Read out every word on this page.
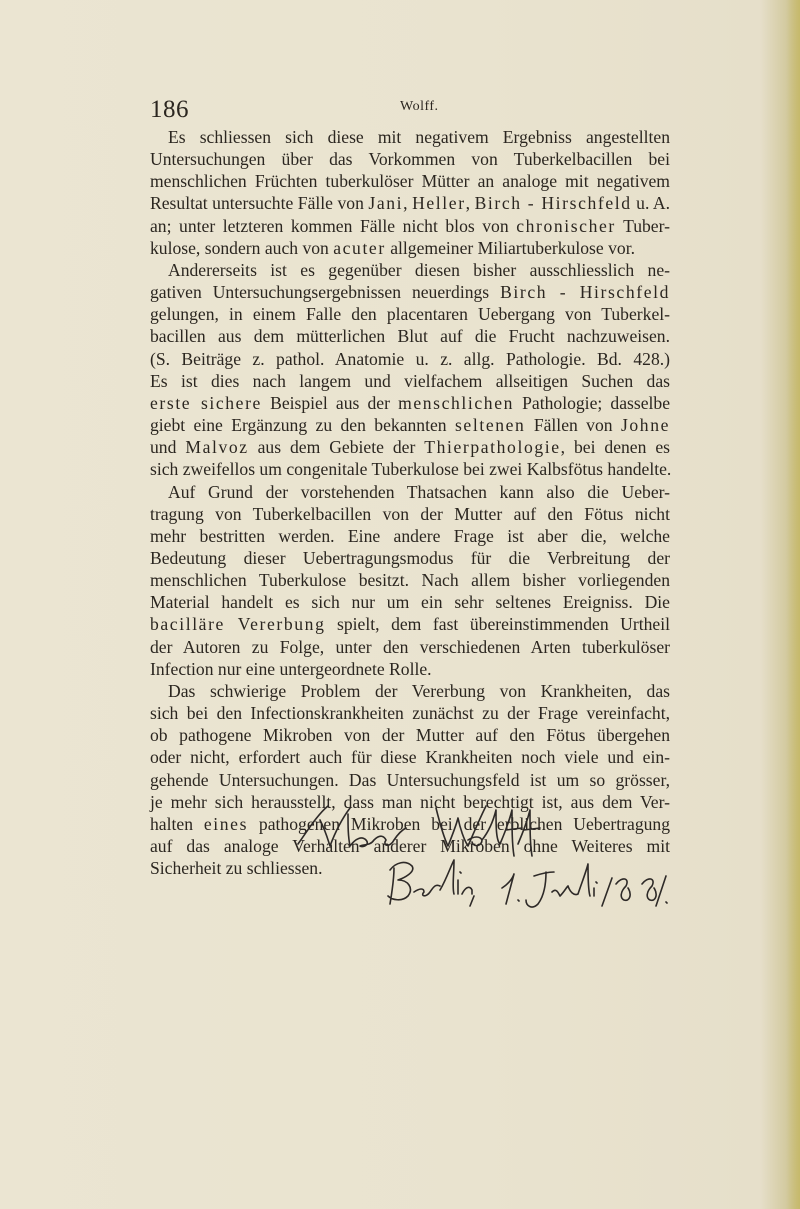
186	Wolff.
Es schliessen sich diese mit negativem Ergebniss angestellten
Untersuchungen über das Vorkommen von Tuberkelbacillen bei
menschlichen Früchten tuberkulöser Mütter an analoge mit negativem
Resultat untersuchte Fälle von Jani, Heller, Birch - Hirschfeld u. A.
an; unter letzteren kommen Fälle nicht blos von chronischer Tuber-
kulose, sondern auch von acuter allgemeiner Miliartuberkulose vor.
Andererseits ist es gegenüber diesen bisher ausschliesslich ne-
gativen Untersuchungsergebnissen neuerdings Birch - Hirschfeld
gelungen, in einem Falle den placentaren Uebergang von Tuberkel-
bacillen aus dem mütterlichen Blut auf die Frucht nachzuweisen.
(S. Beiträge z. pathol. Anatomie u. z. allg. Pathologie. Bd. 428.)
Es ist dies nach langem und vielfachem allseitigen Suchen das
erste sichere Beispiel aus der menschlichen Pathologie; dasselbe
giebt eine Ergänzung zu den bekannten seltenen Fällen von Johne
und Malvoz aus dem Gebiete der Thierpathologie, bei denen es
sich zweifellos um congenitale Tuberkulose bei zwei Kalbsfötus handelte.
Auf Grund der vorstehenden Thatsachen kann also die Ueber-
tragung von Tuberkelbacillen von der Mutter auf den Fötus nicht
mehr bestritten werden. Eine andere Frage ist aber die, welche
Bedeutung dieser Uebertragungsmodus für die Verbreitung der
menschlichen Tuberkulose besitzt. Nach allem bisher vorliegenden
Material handelt es sich nur um ein sehr seltenes Ereigniss. Die
bacilläre Vererbung spielt, dem fast übereinstimmenden Urtheil
der Autoren zu Folge, unter den verschiedenen Arten tuberkulöser
Infection nur eine untergeordnete Rolle.
Das schwierige Problem der Vererbung von Krankheiten, das
sich bei den Infectionskrankheiten zunächst zu der Frage vereinfacht,
ob pathogene Mikroben von der Mutter auf den Fötus übergehen
oder nicht, erfordert auch für diese Krankheiten noch viele und ein-
gehende Untersuchungen. Das Untersuchungsfeld ist um so grösser,
je mehr sich herausstellt, dass man nicht berechtigt ist, aus dem Ver-
halten eines pathogenen Mikroben bei der erblichen Uebertragung
auf das analoge Verhalten anderer Mikroben ohne Weiteres mit
Sicherheit zu schliessen.
